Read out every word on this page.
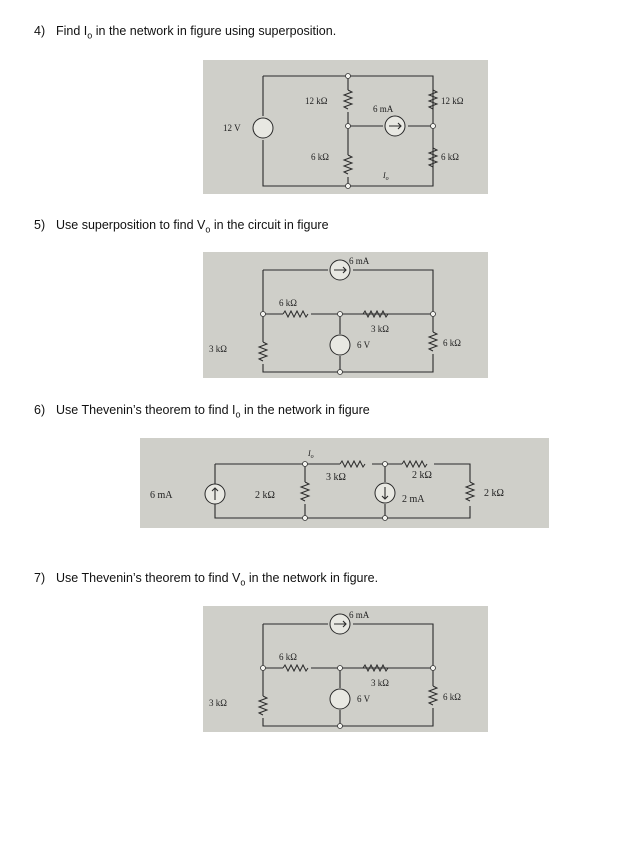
4) Find $I_o$ in the network in figure using superposition.
12 kΩ
6 mA
12 kΩ
12 V
6 kΩ	6 kΩ
$I_o$
5) Use superposition to find $V_o$ in the circuit in figure
6 mA
6 kΩ
3 kΩ
3 kΩ	6 V	6 kΩ
6) Use Thevenin’s theorem to find $I_o$ in the network in figure
$I_o$
3 kΩ	2 kΩ
6 mA	2 kΩ	2 mA
2 kΩ
7) Use Thevenin’s theorem to find $V_o$ in the network in figure.
6 mA
6 kΩ
3 kΩ
3 kΩ	6 V	6 kΩ
